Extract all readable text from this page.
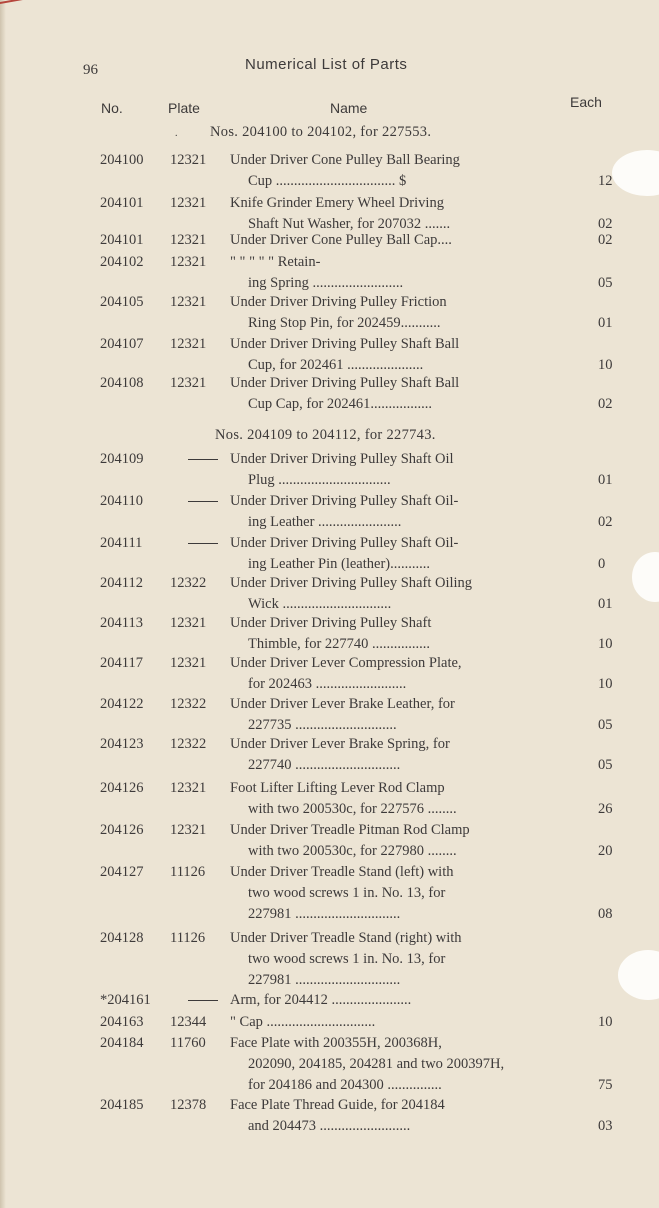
96	Numerical List of Parts
No.	Plate	Name	Each
. Nos. 204100 to 204102, for 227553.
Nos. 204109 to 204112, for 227743.
204100 12321	Under Driver Cone Pulley Ball Bearing
Cup ................................. $	12
204101 12321	Knife Grinder Emery Wheel Driving
Shaft Nut Washer, for 207032 .......	02
204101 12321	Under Driver Cone Pulley Ball Cap....	02
204102 12321	" " " " " Retain-
ing Spring .........................	05
204105 12321	Under Driver Driving Pulley Friction
Ring Stop Pin, for 202459...........	01
204107 12321	Under Driver Driving Pulley Shaft Ball
Cup, for 202461 .....................	10
204108 12321	Under Driver Driving Pulley Shaft Ball
Cup Cap, for 202461.................	02
204109	Under Driver Driving Pulley Shaft Oil
Plug ...............................	01
204110	Under Driver Driving Pulley Shaft Oil-
ing Leather .......................	02
204111	Under Driver Driving Pulley Shaft Oil-
ing Leather Pin (leather)...........	0
204112 12322	Under Driver Driving Pulley Shaft Oiling
Wick ..............................	01
204113 12321	Under Driver Driving Pulley Shaft
Thimble, for 227740 ................	10
204117 12321	Under Driver Lever Compression Plate,
for 202463 .........................	10
204122 12322	Under Driver Lever Brake Leather, for
227735 ............................	05
204123 12322	Under Driver Lever Brake Spring, for
227740 .............................	05
204126 12321	Foot Lifter Lifting Lever Rod Clamp
with two 200530c, for 227576 ........	26
204126 12321	Under Driver Treadle Pitman Rod Clamp
with two 200530c, for 227980 ........	20
204127 11126	Under Driver Treadle Stand (left) with
two wood screws 1 in. No. 13, for
227981 .............................	08
204128 11126	Under Driver Treadle Stand (right) with
two wood screws 1 in. No. 13, for
227981 .............................
*204161	Arm, for 204412 ......................
204163 12344	" Cap ..............................	10
204184 11760	Face Plate with 200355H, 200368H,
202090, 204185, 204281 and two 200397H,
for 204186 and 204300 ...............	75
204185 12378	Face Plate Thread Guide, for 204184
and 204473 .........................	03
